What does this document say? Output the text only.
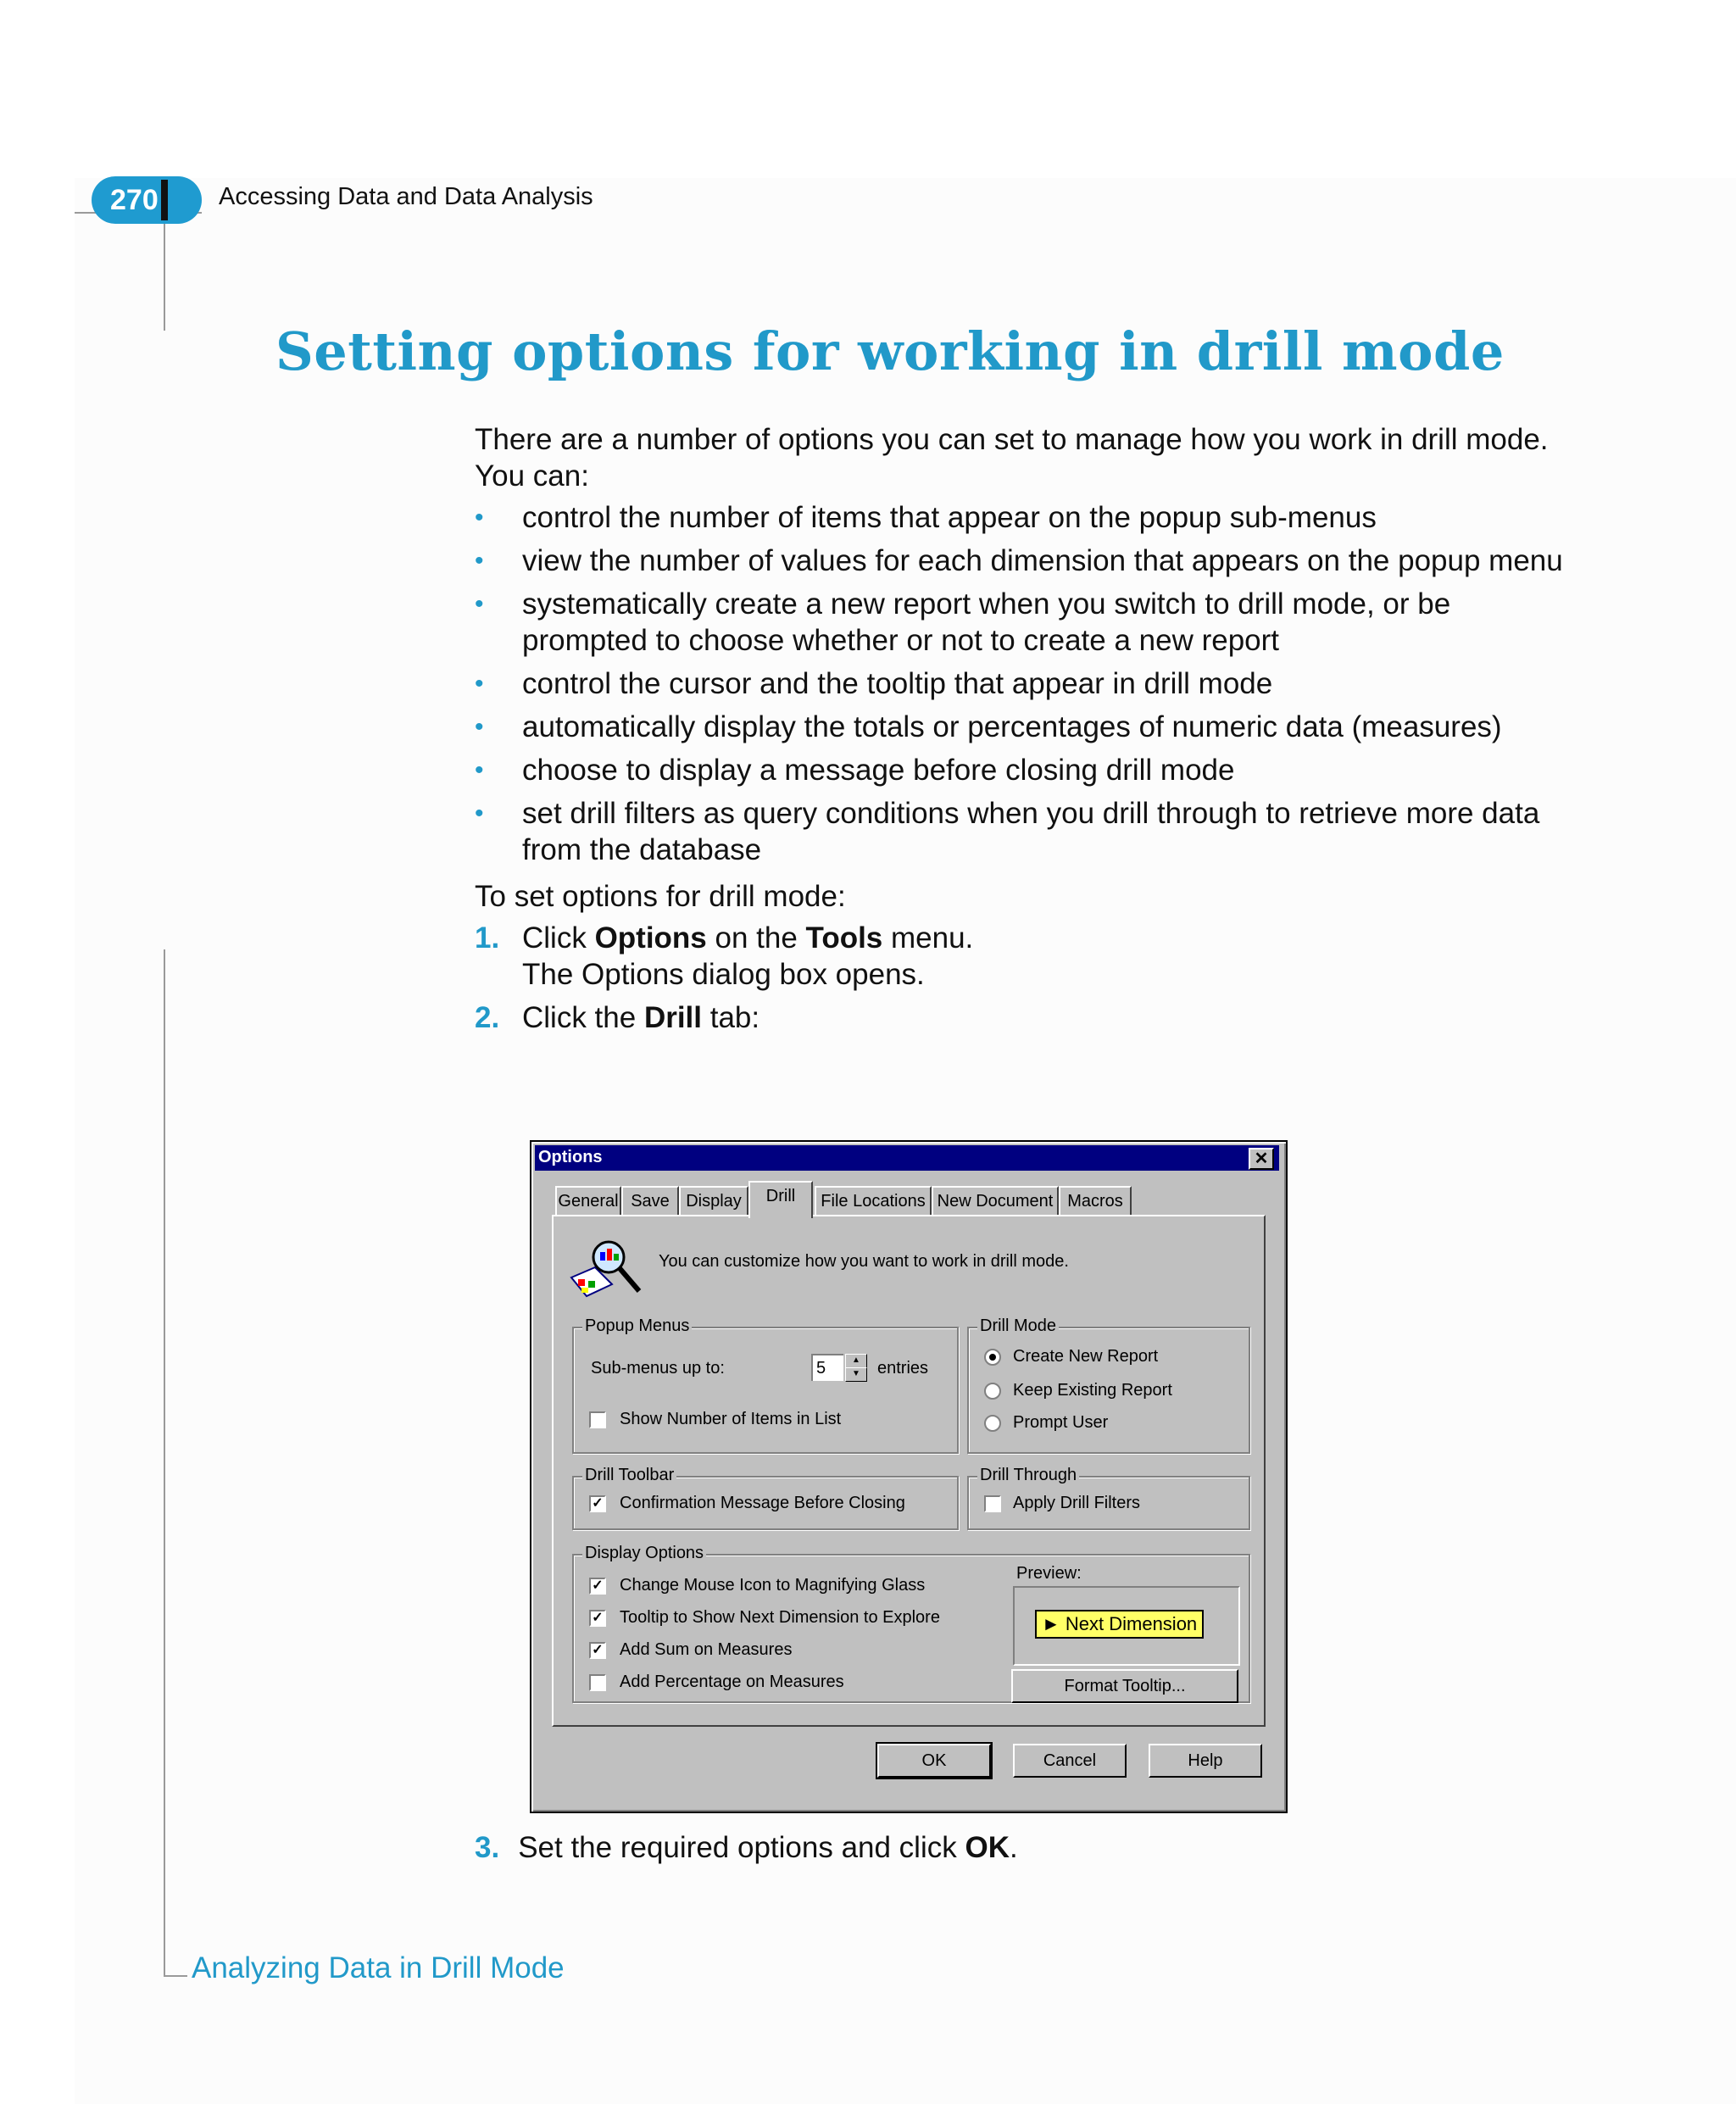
270	Accessing Data and Data Analysis
Setting options for working in drill mode

There are a number of options you can set to manage how you work in drill mode. You can:

• control the number of items that appear on the popup sub-menus
• view the number of values for each dimension that appears on the popup menu
• systematically create a new report when you switch to drill mode, or be prompted to choose whether or not to create a new report
• control the cursor and the tooltip that appear in drill mode
• automatically display the totals or percentages of numeric data (measures)
• choose to display a message before closing drill mode
• set drill filters as query conditions when you drill through to retrieve more data from the database

To set options for drill mode:

1. Click Options on the Tools menu.

The Options dialog box opens.

2. Click the Drill tab:
Options	✕
General Save Display	Drill	File Locations New Document Macros
You can customize how you want to work in drill mode.
Popup Menus
Sub-menus up to:	5	▲
▼	entries
Show Number of Items in List
Drill Mode
Create New Report
Keep Existing Report
Prompt User
Drill Toolbar
✓ Confirmation Message Before Closing
Drill Through
Apply Drill Filters
Display Options
✓ Change Mouse Icon to Magnifying Glass
✓ Tooltip to Show Next Dimension to Explore
✓ Add Sum on Measures
Add Percentage on Measures
Preview:
► Next Dimension
Format Tooltip...
OK	Cancel	Help
3. Set the required options and click OK.
Analyzing Data in Drill Mode
